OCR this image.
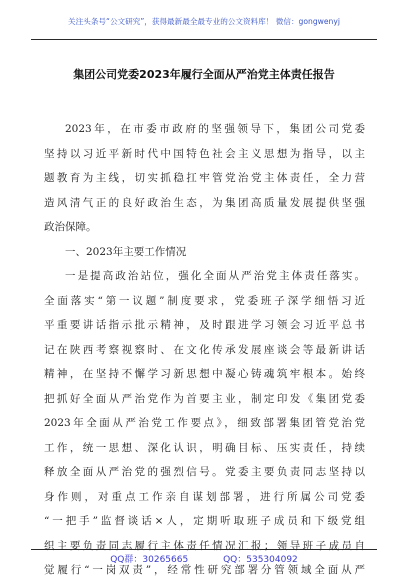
关注头条号“公文研究”，获得最新最全最专业的公文资料库！ 微信：gongwenyj
集团公司党委2023年履行全面从严治党主体责任报告
2023年，在市委市政府的坚强领导下，集团公司党委
坚持以习近平新时代中国特色社会主义思想为指导，以主
题教育为主线，切实抓稳扛牢管党治党主体责任，全力营
造风清气正的良好政治生态，为集团高质量发展提供坚强
政治保障。
一、2023年主要工作情况
一是提高政治站位，强化全面从严治党主体责任落实。
全面落实“第一议题”制度要求，党委班子深学细悟习近
平重要讲话指示批示精神，及时跟进学习领会习近平总书
记在陕西考察视察时、在文化传承发展座谈会等最新讲话
精神，在坚持不懈学习新思想中凝心铸魂筑牢根本。始终
把抓好全面从严治党作为首要主业，制定印发《集团党委
2023年全面从严治党工作要点》，细致部署集团管党治党
工作，统一思想、深化认识，明确目标、压实责任，持续
释放全面从严治党的强烈信号。党委主要负责同志坚持以
身作则，对重点工作亲自谋划部署，进行所属公司党委
“一把手”监督谈话×人，定期听取班子成员和下级党组
织主要负责同志履行主体责任情况汇报；领导班子成员自
觉履行“一岗双责”，经常性研究部署分管领域全面从严
QQ群：30265665	QQ：535304092
